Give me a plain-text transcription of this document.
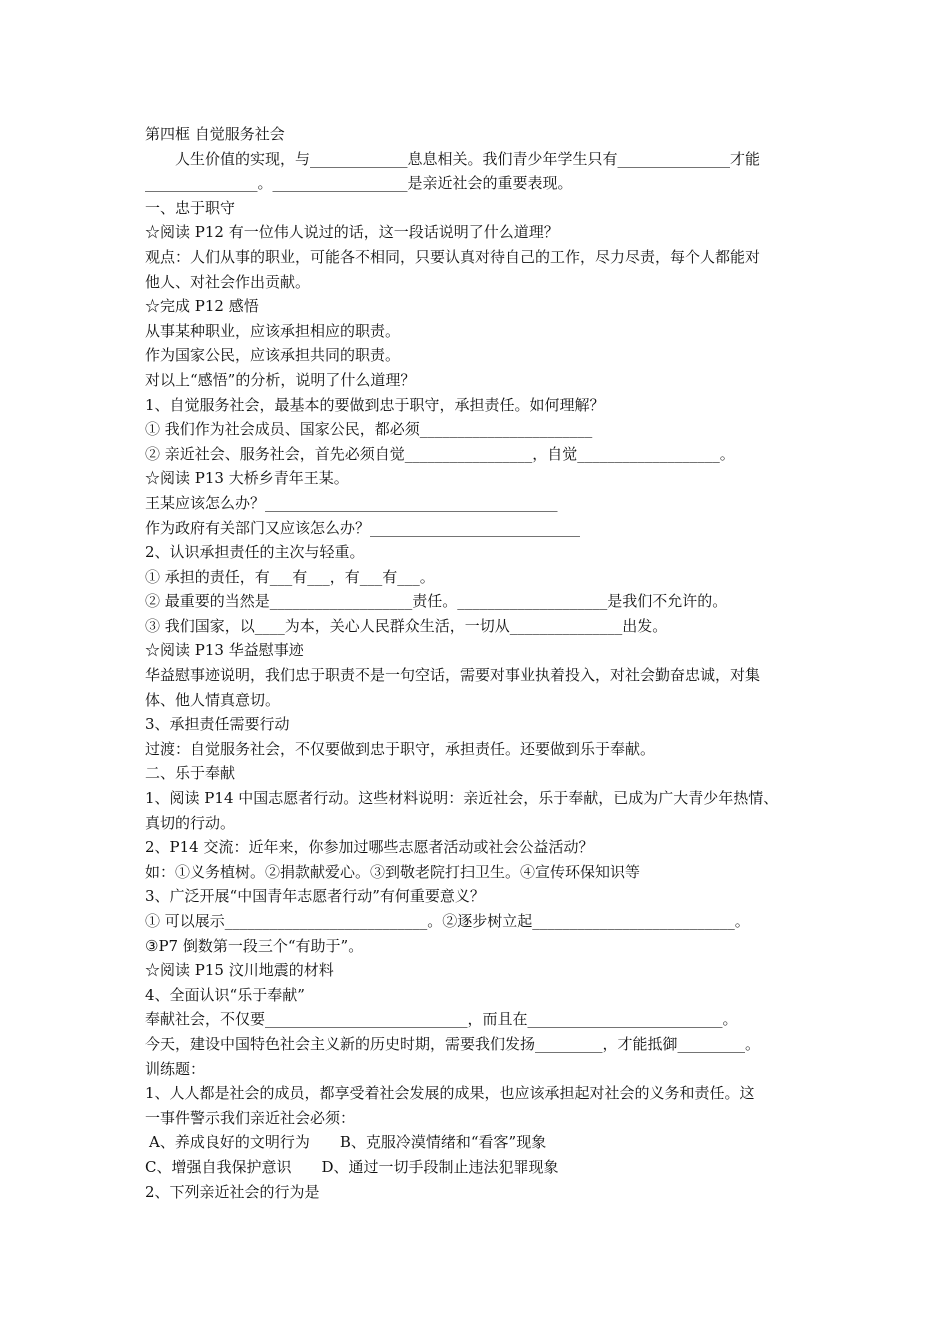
第四框 自觉服务社会
人生价值的实现，与_____________息息相关。我们青少年学生只有_______________才能
_______________。__________________是亲近社会的重要表现。
一、忠于职守
☆阅读 P12 有一位伟人说过的话，这一段话说明了什么道理？
观点：人们从事的职业，可能各不相同，只要认真对待自己的工作，尽力尽责，每个人都能对
他人、对社会作出贡献。
☆完成 P12 感悟
从事某种职业，应该承担相应的职责。
作为国家公民，应该承担共同的职责。
对以上“感悟”的分析，说明了什么道理？
1、自觉服务社会，最基本的要做到忠于职守，承担责任。如何理解？
① 我们作为社会成员、国家公民，都必须_______________________
② 亲近社会、服务社会，首先必须自觉_________________，自觉___________________。
☆阅读 P13 大桥乡青年王某。
王某应该怎么办？_______________________________________
作为政府有关部门又应该怎么办？____________________________
2、认识承担责任的主次与轻重。
① 承担的责任，有___有___，有___有___。
② 最重要的当然是___________________责任。____________________是我们不允许的。
③ 我们国家，以____为本，关心人民群众生活，一切从_______________出发。
☆阅读 P13 华益慰事迹
华益慰事迹说明，我们忠于职责不是一句空话，需要对事业执着投入，对社会勤奋忠诚，对集
体、他人情真意切。
3、承担责任需要行动
过渡：自觉服务社会，不仅要做到忠于职守，承担责任。还要做到乐于奉献。
二、乐于奉献
1、阅读 P14 中国志愿者行动。这些材料说明：亲近社会，乐于奉献，已成为广大青少年热情、
真切的行动。
2、P14 交流：近年来，你参加过哪些志愿者活动或社会公益活动？
如：①义务植树。②捐款献爱心。③到敬老院打扫卫生。④宣传环保知识等
3、广泛开展“中国青年志愿者行动”有何重要意义？
① 可以展示___________________________。②逐步树立起___________________________。
③P7 倒数第一段三个“有助于”。
☆阅读 P15 汶川地震的材料
4、全面认识“乐于奉献”
奉献社会，不仅要___________________________，而且在__________________________。
今天，建设中国特色社会主义新的历史时期，需要我们发扬_________，才能抵御_________。
训练题：
1、人人都是社会的成员，都享受着社会发展的成果，也应该承担起对社会的义务和责任。这
一事件警示我们亲近社会必须：
A、养成良好的文明行为　　B、克服冷漠情绪和“看客”现象
C、增强自我保护意识　　D、通过一切手段制止违法犯罪现象
2、下列亲近社会的行为是
